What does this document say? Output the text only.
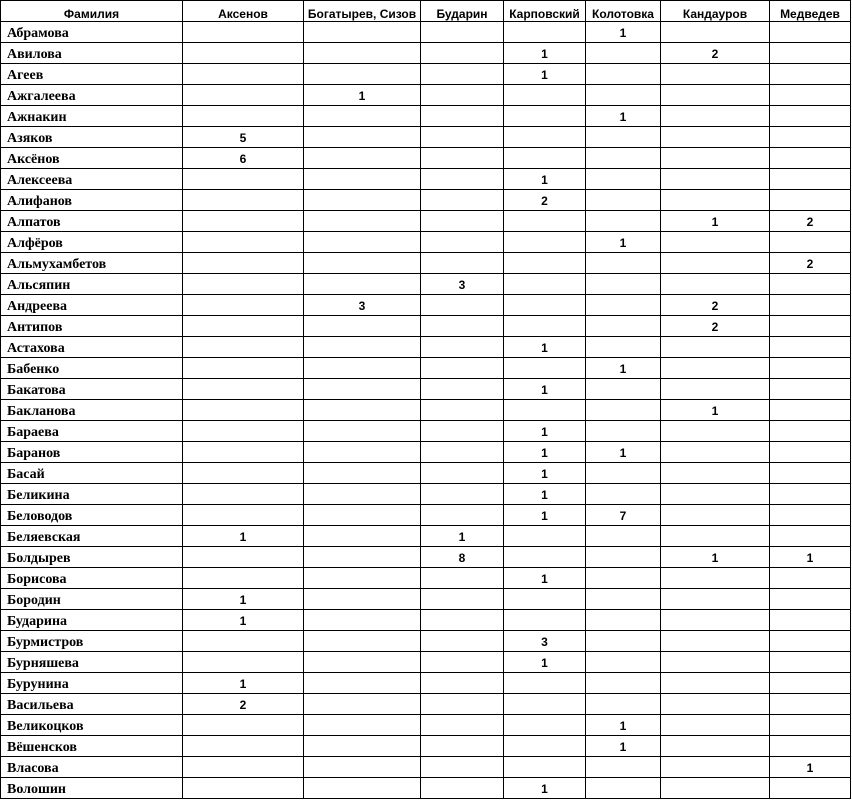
Фамилия	Аксенов	Богатырев, Сизов	Бударин	Карповский	Колотовка	Кандауров	Медведев
Абрамова					1		
Авилова				1		2	
Агеев				1			
Ажгалеева		1					
Ажнакин					1		
Азяков	5						
Аксёнов	6						
Алексеева				1			
Алифанов				2			
Алпатов						1	2
Алфёров					1		
Альмухамбетов							2
Альсяпин			3				
Андреева		3				2	
Антипов						2	
Астахова				1			
Бабенко					1		
Бакатова				1			
Бакланова						1	
Бараева				1			
Баранов				1	1		
Басай				1			
Беликина				1			
Беловодов				1	7		
Беляевская	1		1				
Болдырев			8			1	1
Борисова				1			
Бородин	1						
Бударина	1						
Бурмистров				3			
Бурняшева				1			
Бурунина	1						
Васильева	2						
Великоцков					1		
Вёшенсков					1		
Власова							1
Волошин				1			
